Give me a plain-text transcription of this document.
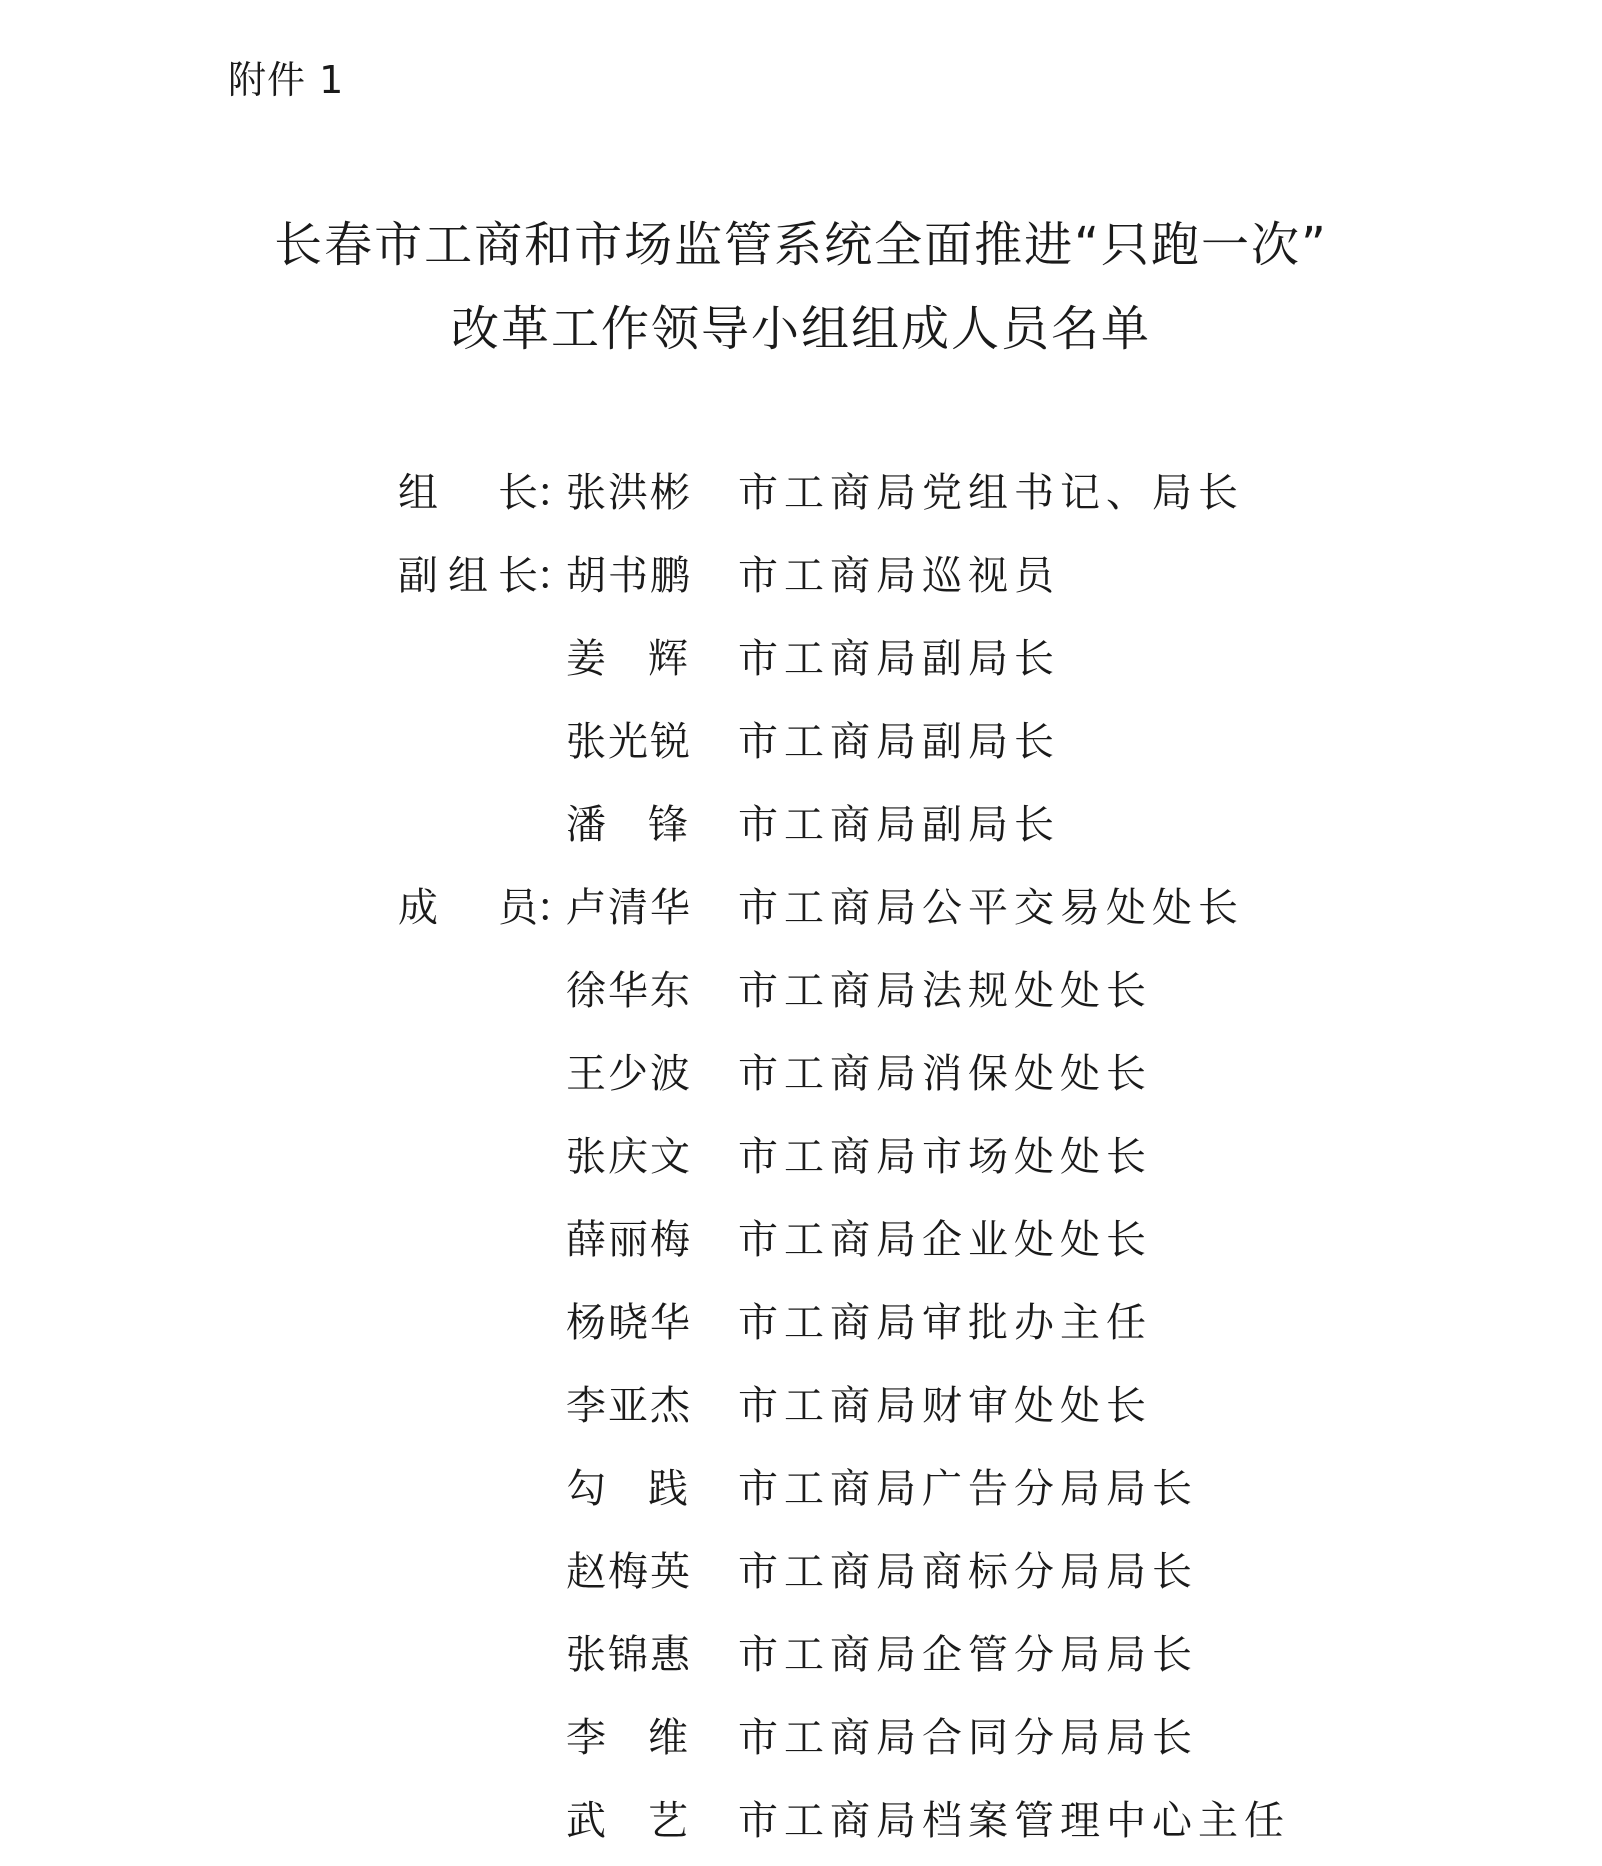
附件 1
长春市工商和市场监管系统全面推进“只跑一次”
改革工作领导小组组成人员名单
组长
：
张洪彬 市工商局党组书记、局长
副组长
：
胡书鹏 市工商局巡视员
姜辉 市工商局副局长
张光锐 市工商局副局长
潘锋 市工商局副局长
成员
：
卢清华 市工商局公平交易处处长
徐华东 市工商局法规处处长
王少波 市工商局消保处处长
张庆文 市工商局市场处处长
薛丽梅 市工商局企业处处长
杨晓华 市工商局审批办主任
李亚杰 市工商局财审处处长
勾践 市工商局广告分局局长
赵梅英 市工商局商标分局局长
张锦惠 市工商局企管分局局长
李维 市工商局合同分局局长
武艺 市工商局档案管理中心主任
